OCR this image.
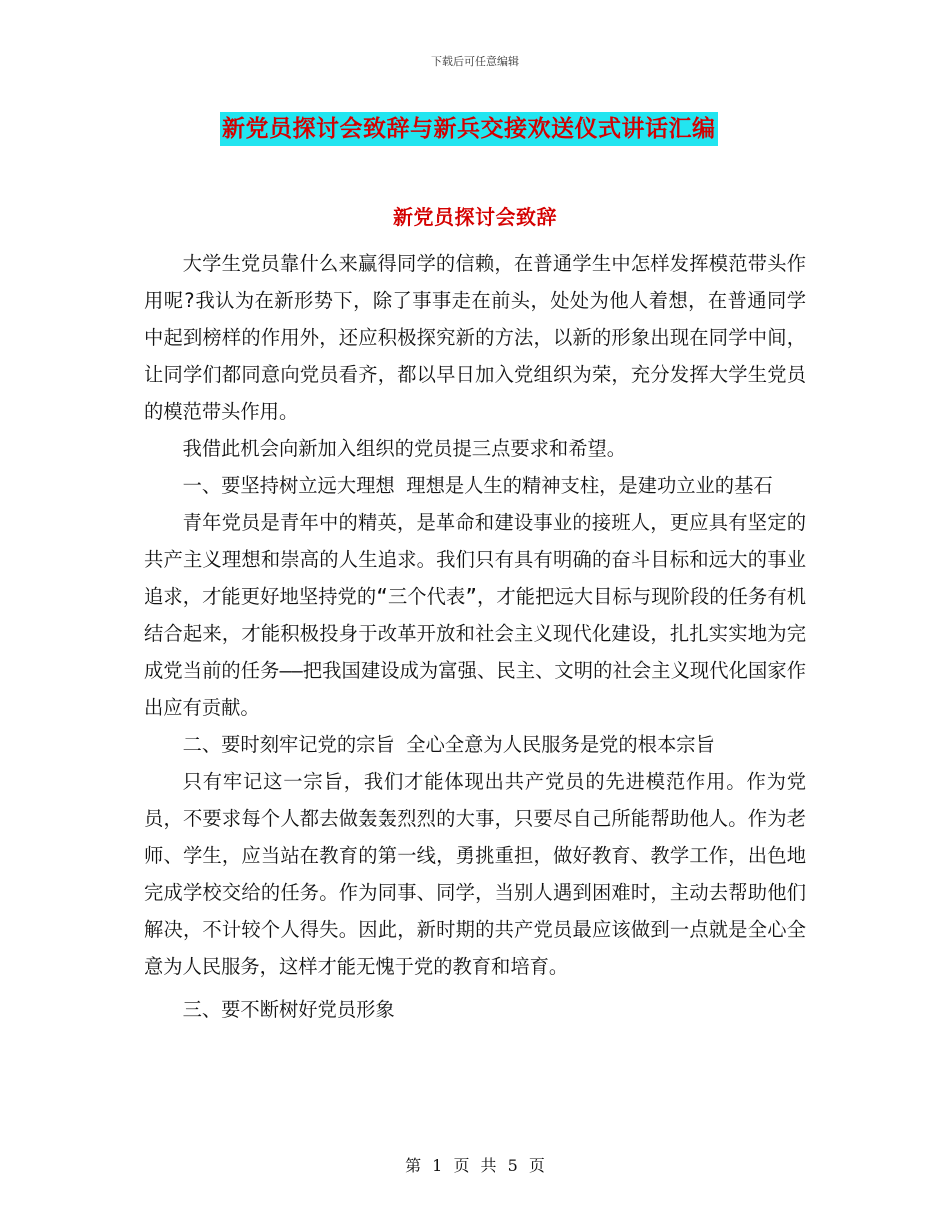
下载后可任意编辑
新党员探讨会致辞与新兵交接欢送仪式讲话汇编
新党员探讨会致辞

大学生党员靠什么来赢得同学的信赖，在普通学生中怎样发挥模范带头作用呢?我认为在新形势下，除了事事走在前头，处处为他人着想，在普通同学中起到榜样的作用外，还应积极探究新的方法，以新的形象出现在同学中间，让同学们都同意向党员看齐，都以早日加入党组织为荣，充分发挥大学生党员的模范带头作用。

我借此机会向新加入组织的党员提三点要求和希望。

一、要坚持树立远大理想 理想是人生的精神支柱，是建功立业的基石

青年党员是青年中的精英，是革命和建设事业的接班人，更应具有坚定的共产主义理想和崇高的人生追求。我们只有具有明确的奋斗目标和远大的事业追求，才能更好地坚持党的“三个代表”，才能把远大目标与现阶段的任务有机结合起来，才能积极投身于改革开放和社会主义现代化建设，扎扎实实地为完成党当前的任务——把我国建设成为富强、民主、文明的社会主义现代化国家作出应有贡献。

二、要时刻牢记党的宗旨 全心全意为人民服务是党的根本宗旨

只有牢记这一宗旨，我们才能体现出共产党员的先进模范作用。作为党员，不要求每个人都去做轰轰烈烈的大事，只要尽自己所能帮助他人。作为老师、学生，应当站在教育的第一线，勇挑重担，做好教育、教学工作，出色地完成学校交给的任务。作为同事、同学，当别人遇到困难时，主动去帮助他们解决，不计较个人得失。因此，新时期的共产党员最应该做到一点就是全心全意为人民服务，这样才能无愧于党的教育和培育。

三、要不断树好党员形象

第 1 页 共 5 页
